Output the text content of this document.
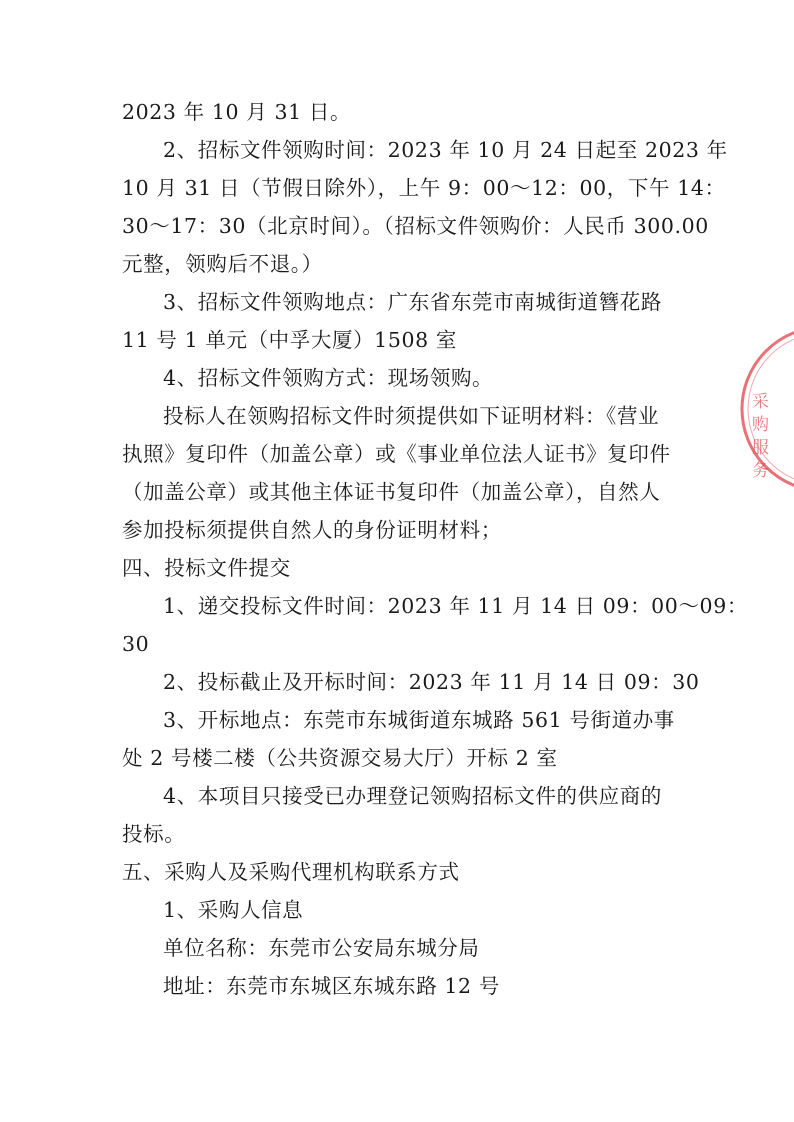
2023 年 10 月 31 日。
2、招标文件领购时间：2023 年 10 月 24 日起至 2023 年
10 月 31 日（节假日除外），上午 9：00～12：00，下午 14：
30～17：30（北京时间）。（招标文件领购价：人民币 300.00
元整，领购后不退。）
3、招标文件领购地点：广东省东莞市南城街道簪花路
11 号 1 单元（中孚大厦）1508 室
4、招标文件领购方式：现场领购。
投标人在领购招标文件时须提供如下证明材料：《营业
执照》复印件（加盖公章）或《事业单位法人证书》复印件
（加盖公章）或其他主体证书复印件（加盖公章），自然人
参加投标须提供自然人的身份证明材料；
四、投标文件提交
1、递交投标文件时间：2023 年 11 月 14 日 09：00～09：
30
2、投标截止及开标时间：2023 年 11 月 14 日 09：30
3、开标地点：东莞市东城街道东城路 561 号街道办事
处 2 号楼二楼（公共资源交易大厅）开标 2 室
4、本项目只接受已办理登记领购招标文件的供应商的
投标。
五、采购人及采购代理机构联系方式
1、采购人信息
单位名称：东莞市公安局东城分局
地址：东莞市东城区东城东路 12 号
采购服务
